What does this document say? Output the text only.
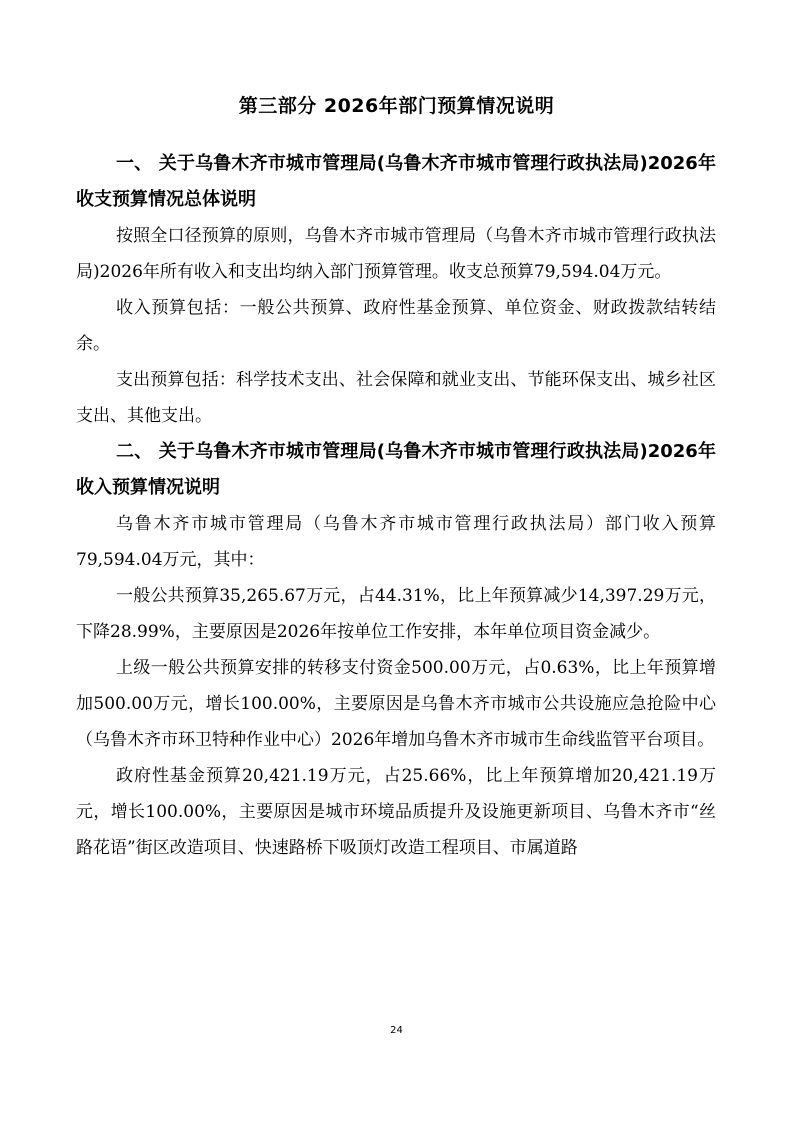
第三部分 2026年部门预算情况说明

一、 关于乌鲁木齐市城市管理局(乌鲁木齐市城市管理行政执法局)2026年收支预算情况总体说明

按照全口径预算的原则，乌鲁木齐市城市管理局（乌鲁木齐市城市管理行政执法局)2026年所有收入和支出均纳入部门预算管理。收支总预算79,594.04万元。

收入预算包括：一般公共预算、政府性基金预算、单位资金、财政拨款结转结余。

支出预算包括：科学技术支出、社会保障和就业支出、节能环保支出、城乡社区支出、其他支出。

二、 关于乌鲁木齐市城市管理局(乌鲁木齐市城市管理行政执法局)2026年收入预算情况说明

乌鲁木齐市城市管理局（乌鲁木齐市城市管理行政执法局）部门收入预算79,594.04万元，其中：

一般公共预算35,265.67万元，占44.31%，比上年预算减少14,397.29万元，下降28.99%，主要原因是2026年按单位工作安排，本年单位项目资金减少。

上级一般公共预算安排的转移支付资金500.00万元，占0.63%，比上年预算增加500.00万元，增长100.00%，主要原因是乌鲁木齐市城市公共设施应急抢险中心（乌鲁木齐市环卫特种作业中心）2026年增加乌鲁木齐市城市生命线监管平台项目。

政府性基金预算20,421.19万元，占25.66%，比上年预算增加20,421.19万元，增长100.00%，主要原因是城市环境品质提升及设施更新项目、乌鲁木齐市“丝路花语”街区改造项目、快速路桥下吸顶灯改造工程项目、市属道路

24
